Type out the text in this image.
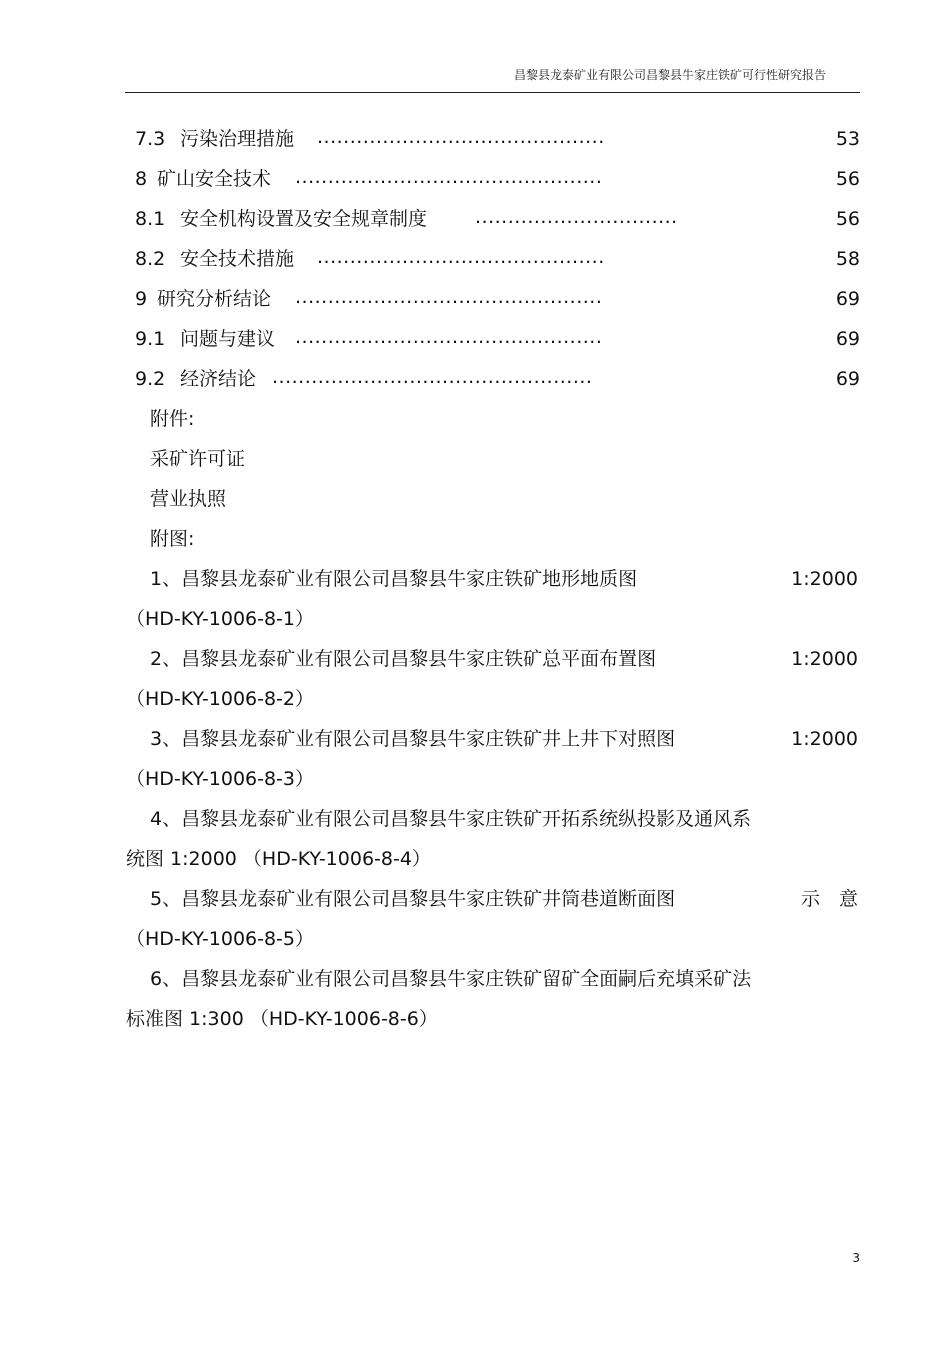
昌黎县龙泰矿业有限公司昌黎县牛家庄铁矿可行性研究报告
7.3 污染治理措施 ............................................	53
8 矿山安全技术 ...............................................	56
8.1 安全机构设置及安全规章制度	...............................	56
8.2 安全技术措施 ............................................	58
9 研究分析结论 ...............................................	69
9.1 问题与建议 ...............................................	69
9.2 经济结论 .................................................	69
附件:
采矿许可证
营业执照
附图:
1、昌黎县龙泰矿业有限公司昌黎县牛家庄铁矿地形地质图	1:2000
（HD-KY-1006-8-1）
2、昌黎县龙泰矿业有限公司昌黎县牛家庄铁矿总平面布置图	1:2000
（HD-KY-1006-8-2）
3、昌黎县龙泰矿业有限公司昌黎县牛家庄铁矿井上井下对照图	1:2000
（HD-KY-1006-8-3）
4、昌黎县龙泰矿业有限公司昌黎县牛家庄铁矿开拓系统纵投影及通风系
统图 1:2000 （HD-KY-1006-8-4）
5、昌黎县龙泰矿业有限公司昌黎县牛家庄铁矿井筒巷道断面图	示　意
（HD-KY-1006-8-5）
6、昌黎县龙泰矿业有限公司昌黎县牛家庄铁矿留矿全面嗣后充填采矿法
标准图 1:300 （HD-KY-1006-8-6）
3
